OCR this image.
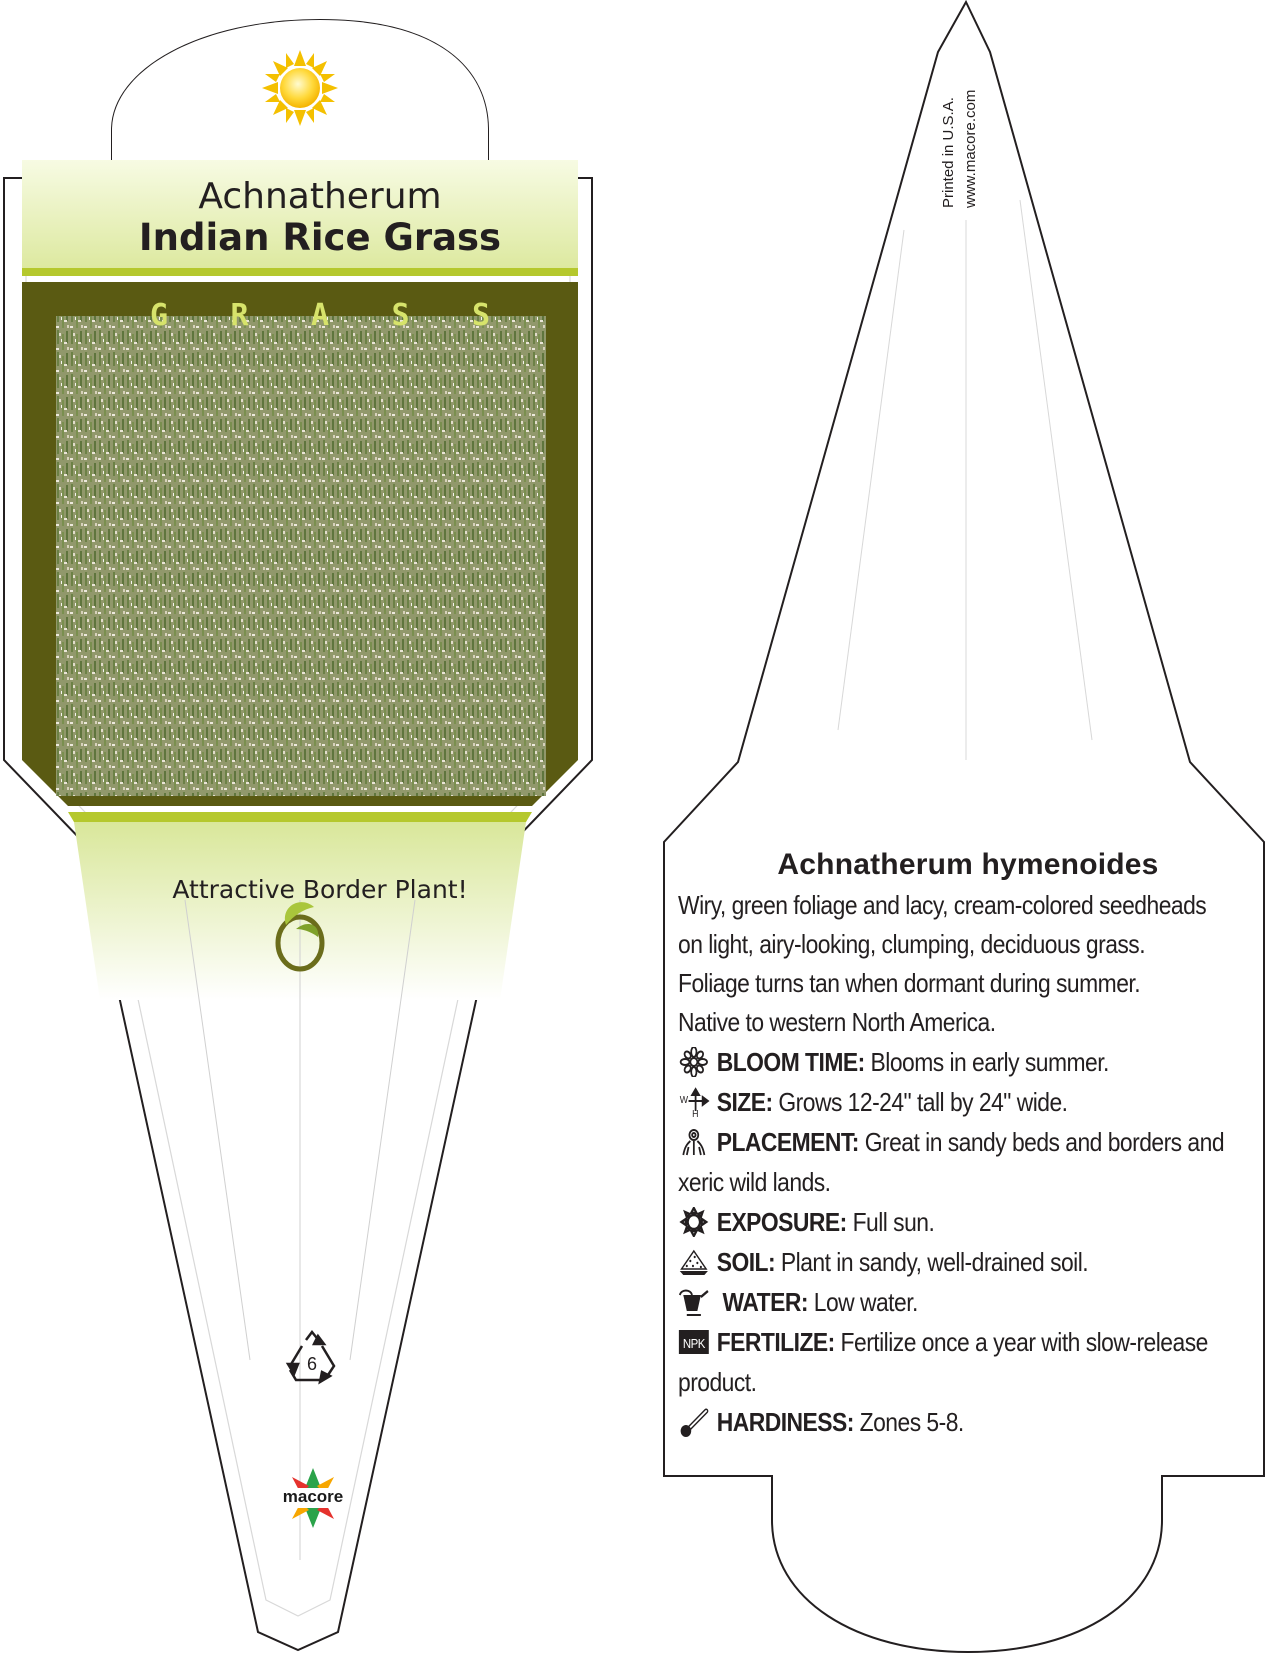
Achnatherum
Indian Rice Grass
G R A S S
Attractive Border Plant!
6
macore
Printed in U.S.A. www.macore.com
Achnatherum hymenoides
Wiry, green foliage and lacy, cream-colored seedheads
on light, airy-looking, clumping, deciduous grass.
Foliage turns tan when dormant during summer.
Native to western North America.
BLOOM TIME: Blooms in early summer.
W
H SIZE: Grows 12-24" tall by 24" wide.
PLACEMENT: Great in sandy beds and borders and
xeric wild lands.
EXPOSURE: Full sun.
SOIL: Plant in sandy, well-drained soil.
WATER: Low water.
NPK FERTILIZE: Fertilize once a year with slow-release
product.
HARDINESS: Zones 5-8.
